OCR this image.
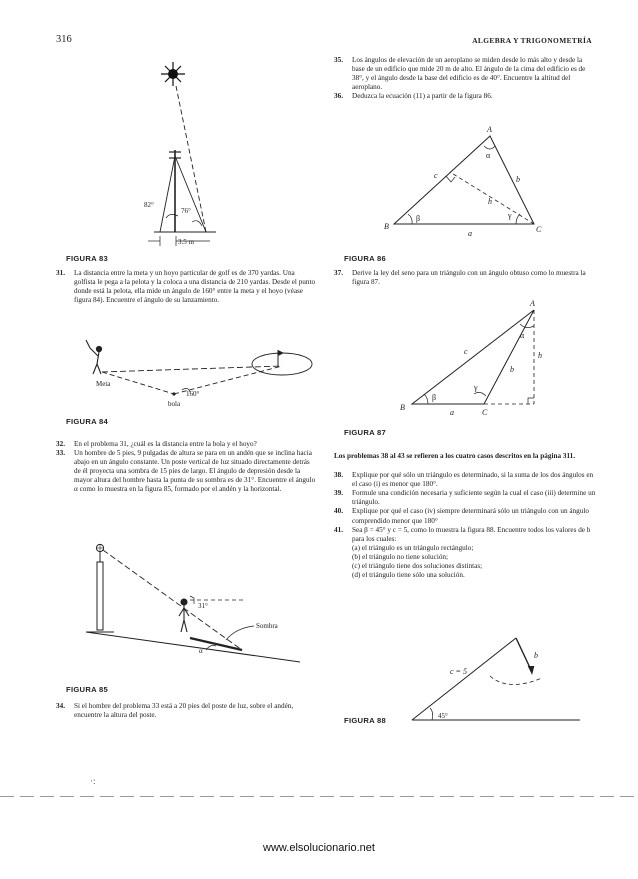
316	ALGEBRA Y TRIGONOMETRÍA
82°
76°
3.5 m
FIGURA 83

31. La distancia entre la meta y un hoyo particular de golf es de 370 yardas. Una golfista le pega a la pelota y la coloca a una distancia de 210 yardas. Desde el punto donde está la pelota, ella mide un ángulo de 160° entre la meta y el hoyo (véase figura 84). Encuentre el ángulo de su lanzamiento.

Meta
160°
bola
FIGURA 84

32. En el problema 31, ¿cuál es la distancia entre la bola y el hoyo?

33. Un hombre de 5 pies, 9 pulgadas de altura se para en un andén que se inclina hacia abajo en un ángulo constante. Un poste vertical de luz situado directamente detrás de él proyecta una sombra de 15 pies de largo. El ángulo de depresión desde la mayor altura del hombre hasta la punta de su sombra es de 31°. Encuentre el ángulo α como lo muestra en la figura 85, formado por el andén y la horizontal.

31°
α
Sombra
FIGURA 85

34. Si el hombre del problema 33 está a 20 pies del poste de luz, sobre el andén, encuentre la altura del poste.

35. Los ángulos de elevación de un aeroplano se miden desde lo más alto y desde la base de un edificio que mide 20 m de alto. El ángulo de la cima del edificio es de 38°, y el ángulo desde la base del edificio es de 40°. Encuentre la altitud del aeroplano.

36. Deduzca la ecuación (11) a partir de la figura 86.

A
B	C
c	b
a
h
α
β	γ
FIGURA 86

37. Derive la ley del seno para un triángulo con un ángulo obtuso como lo muestra la figura 87.

A
B
C
c
b
a
h
α
β
γ
FIGURA 87

Los problemas 38 al 43 se refieren a los cuatro casos descritos en la página 311.

38. Explique por qué sólo un triángulo es determinado, si la suma de los dos ángulos en el caso (i) es menor que 180°.

39. Formule una condición necesaria y suficiente según la cual el caso (iii) determine un triángulo.

40. Explique por qué el caso (iv) siempre determinará sólo un triángulo con un ángulo comprendido menor que 180°

41. Sea β = 45° y c = 5, como lo muestra la figura 88. Encuentre todos los valores de b para los cuales:
(a) el triángulo es un triángulo rectángulo;
(b) el triángulo no tiene solución;
(c) el triángulo tiene dos soluciones distintas;
(d) el triángulo tiene sólo una solución.
c = 5
b
45°
FIGURA 88
·:
www.elsolucionario.net
